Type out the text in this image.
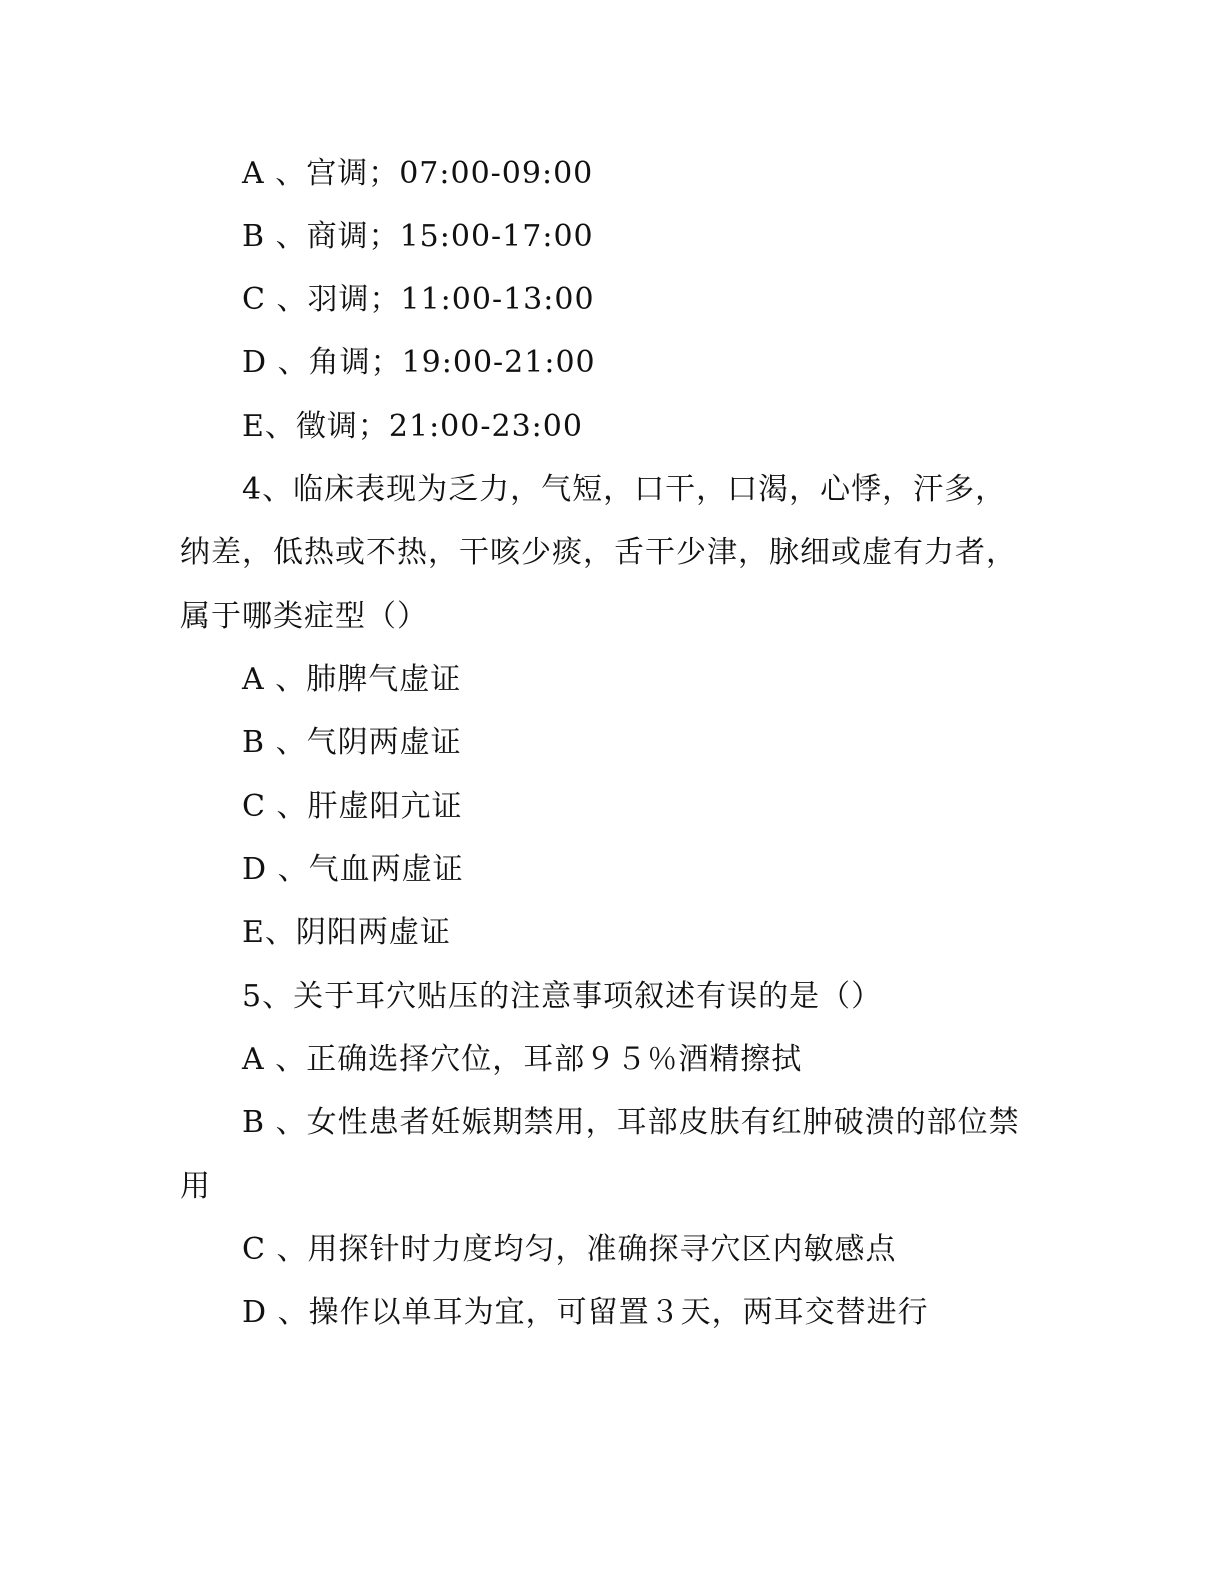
A 、宫调；07:00-09:00
B 、商调；15:00-17:00
C 、羽调；11:00-13:00
D 、角调；19:00-21:00
E、徵调；21:00-23:00
4、临床表现为乏力，气短，口干，口渴，心悸，汗多，
纳差，低热或不热，干咳少痰，舌干少津，脉细或虚有力者，
属于哪类症型（）
A 、肺脾气虚证
B 、气阴两虚证
C 、肝虚阳亢证
D 、气血两虚证
E、阴阳两虚证
5、关于耳穴贴压的注意事项叙述有误的是（）
A 、正确选择穴位，耳部９５％酒精擦拭
B 、女性患者妊娠期禁用，耳部皮肤有红肿破溃的部位禁
用
C 、用探针时力度均匀，准确探寻穴区内敏感点
D 、操作以单耳为宜，可留置３天，两耳交替进行
